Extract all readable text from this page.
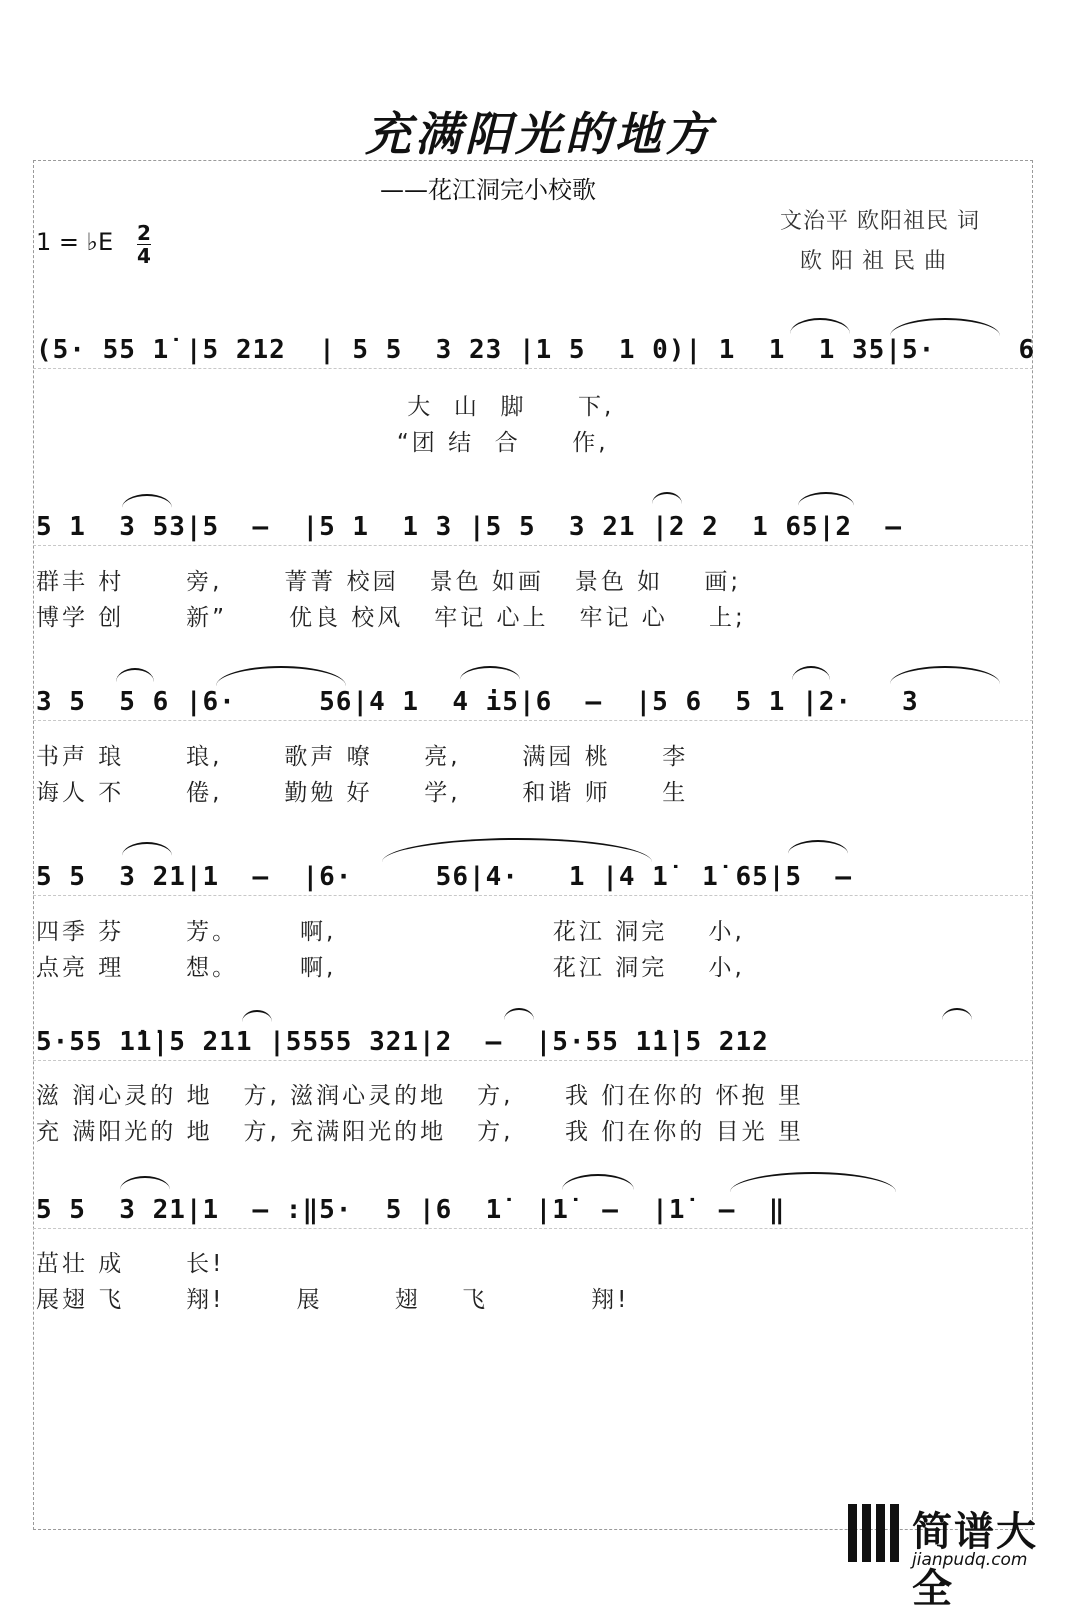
充满阳光的地方
——花江洞完小校歌
文治平 欧阳祖民 词
欧 阳 祖 民 曲
1 = ♭E 2
4
(5· 55 1̇ |5 212  | 5 5  3 23 |1 5  1 0)| 1  1  1 35|5·     6
大  山  脚     下,
“团 结  合     作,
5 1  3 53|5  –  |5 1  1 3 |5 5  3 21 |2 2  1 65|2  –
群丰 村      旁,      菁菁 校园   景色 如画   景色 如    画;
博学 创      新”      优良 校风   牢记 心上   牢记 心    上;
3 5  5 6 |6·     56|4 1  4 i5|6  –  |5 6  5 1 |2·   3
书声 琅      琅,      歌声 嘹     亮,      满园 桃     李
诲人 不      倦,      勤勉 好     学,      和谐 师     生
5 5  3 21|1  –  |6·     56|4·   1 |4 1̇  1̇ 65|5  –
四季 芬      芳。      啊,                     花江 洞完    小,
点亮 理      想。      啊,                     花江 洞完    小,
5·55 1̇1̇|5 211 |5555 321|2  –  |5·55 1̇1̇|5 212
滋 润心灵的 地   方, 滋润心灵的地   方,     我 们在你的 怀抱 里
充 满阳光的 地   方, 充满阳光的地   方,     我 们在你的 目光 里
5 5  3 21|1  – :‖5·  5 |6  1̇  |1̇  –  |1̇  –  ‖
茁壮 成      长!
展翅 飞      翔!       展       翅    飞          翔!
简谱大全
jianpudq.com
